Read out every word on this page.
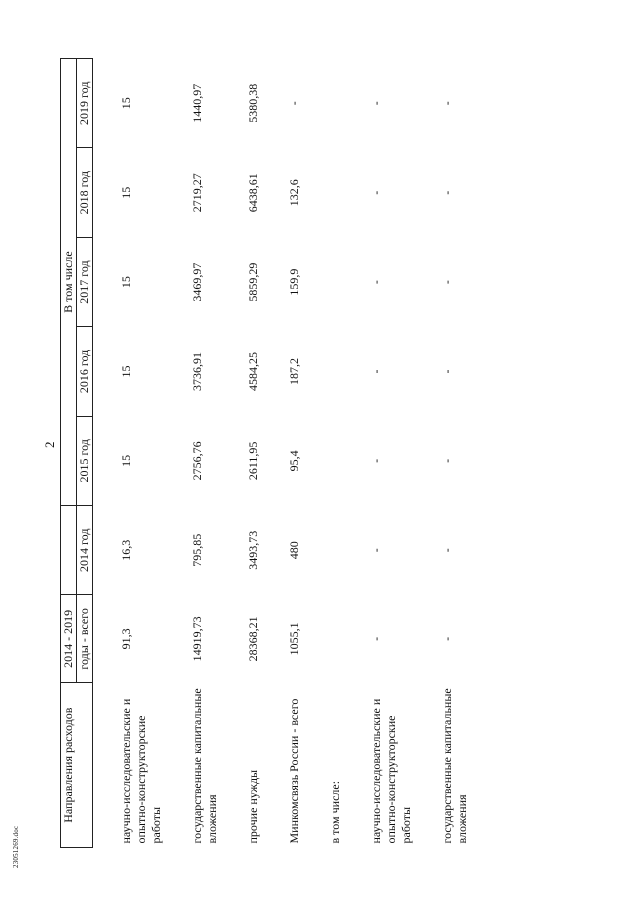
2
Направления расходов	2014 - 2019		В том числе				
	годы - всего	2014 год	2015 год	2016 год	2017 год	2018 год	2019 год
научно-исследовательские и опытно-конструкторские работы	91,3	16,3	15	15	15	15	15
государственные капитальные вложения	14919,73	795,85	2756,76	3736,91	3469,97	2719,27	1440,97
прочие нужды	28368,21	3493,73	2611,95	4584,25	5859,29	6438,61	5380,38
Минкомсвязь России - всего	1055,1	480	95,4	187,2	159,9	132,6	-
в том числе:							
научно-исследовательские и опытно-конструкторские работы	-	-	-	-	-	-	-
государственные капитальные вложения	-	-	-	-	-	-	-
23051269.doc
